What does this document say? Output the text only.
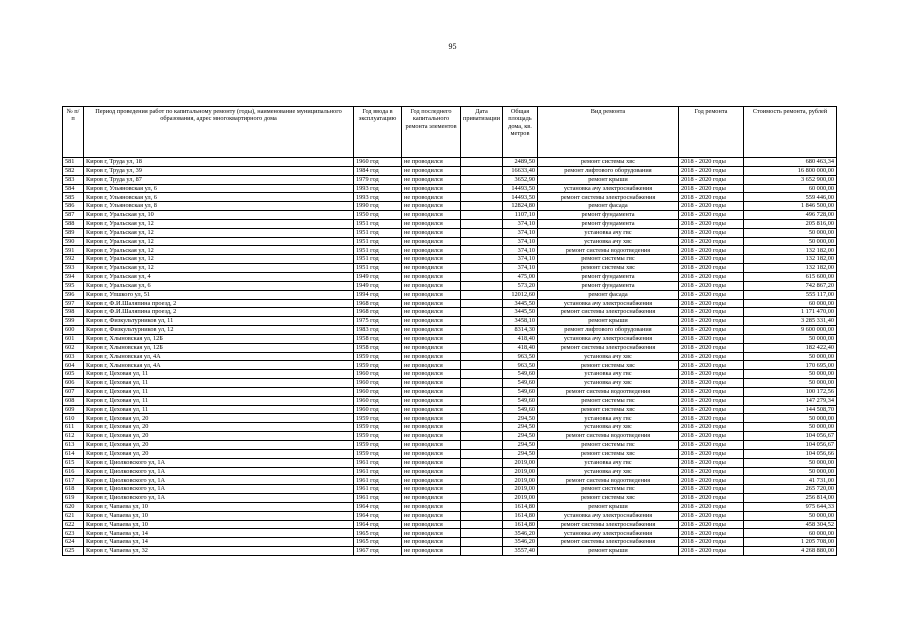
95
№ п/п	Период проведения работ по капитальному ремонту (годы), наименование муниципального образования, адрес многоквартирного дома	Год ввода в эксплуатацию	Год последнего капитального ремонта элементов	Дата приватизации	Общая площадь дома, кв. метров	Вид ремонта	Год ремонта	Стоимость ремонта, рублей
581	Киров г, Труда ул, 18	1960 год	не проводился		2489,50	ремонт системы хвс	2018 - 2020 годы	680 463,34
582	Киров г, Труда ул, 39	1984 год	не проводился		16633,40	ремонт лифтового оборудования	2018 - 2020 годы	16 800 000,00
583	Киров г, Труда ул, 87	1979 год	не проводился		3652,90	ремонт крыши	2018 - 2020 годы	3 652 900,00
584	Киров г, Ульяновская ул, 6	1993 год	не проводился		14493,50	установка ачу электроснабжения	2018 - 2020 годы	60 000,00
585	Киров г, Ульяновская ул, 6	1993 год	не проводился		14493,50	ремонт системы электроснабжения	2018 - 2020 годы	559 446,00
586	Киров г, Ульяновская ул, 8	1990 год	не проводился		12824,80	ремонт фасада	2018 - 2020 годы	1 846 500,00
587	Киров г, Уральская ул, 10	1950 год	не проводился		1107,10	ремонт фундамента	2018 - 2020 годы	496 728,00
588	Киров г, Уральская ул, 12	1951 год	не проводился		374,10	ремонт фундамента	2018 - 2020 годы	205 816,00
589	Киров г, Уральская ул, 12	1951 год	не проводился		374,10	установка ачу гвс	2018 - 2020 годы	50 000,00
590	Киров г, Уральская ул, 12	1951 год	не проводился		374,10	установка ачу хвс	2018 - 2020 годы	50 000,00
591	Киров г, Уральская ул, 12	1951 год	не проводился		374,10	ремонт системы водоотведения	2018 - 2020 годы	132 182,00
592	Киров г, Уральская ул, 12	1951 год	не проводился		374,10	ремонт системы гвс	2018 - 2020 годы	132 182,00
593	Киров г, Уральская ул, 12	1951 год	не проводился		374,10	ремонт системы хвс	2018 - 2020 годы	132 182,00
594	Киров г, Уральская ул, 4	1949 год	не проводился		475,00	ремонт фундамента	2018 - 2020 годы	615 600,00
595	Киров г, Уральская ул, 6	1949 год	не проводился		573,20	ремонт фундамента	2018 - 2020 годы	742 867,20
596	Киров г, Упшкого ул, 51	1994 год	не проводился		12012,60	ремонт фасада	2018 - 2020 годы	555 117,00
597	Киров г, Ф.И.Шаляпина проезд, 2	1968 год	не проводился		3445,50	установка ачу электроснабжения	2018 - 2020 годы	60 000,00
598	Киров г, Ф.И.Шаляпина проезд, 2	1968 год	не проводился		3445,50	ремонт системы электроснабжения	2018 - 2020 годы	1 171 470,00
599	Киров г, Физкультурников ул, 11	1975 год	не проводился		3458,10	ремонт крыши	2018 - 2020 годы	3 285 331,40
600	Киров г, Физкультурников ул, 12	1983 год	не проводился		8314,30	ремонт лифтового оборудования	2018 - 2020 годы	9 600 000,00
601	Киров г, Хлыновская ул, 12Б	1958 год	не проводился		418,40	установка ачу электроснабжения	2018 - 2020 годы	50 000,00
602	Киров г, Хлыновская ул, 12Б	1958 год	не проводился		418,40	ремонт системы электроснабжения	2018 - 2020 годы	182 422,40
603	Киров г, Хлыновская ул, 4А	1959 год	не проводился		963,50	установка ачу хвс	2018 - 2020 годы	50 000,00
604	Киров г, Хлыновская ул, 4А	1959 год	не проводился		963,50	ремонт системы хвс	2018 - 2020 годы	170 695,00
605	Киров г, Цеховая ул, 11	1960 год	не проводился		549,60	установка ачу гвс	2018 - 2020 годы	50 000,00
606	Киров г, Цеховая ул, 11	1960 год	не проводился		549,60	установка ачу хвс	2018 - 2020 годы	50 000,00
607	Киров г, Цеховая ул, 11	1960 год	не проводился		549,60	ремонт системы водоотведения	2018 - 2020 годы	100 172,56
608	Киров г, Цеховая ул, 11	1960 год	не проводился		549,60	ремонт системы гвс	2018 - 2020 годы	147 279,34
609	Киров г, Цеховая ул, 11	1960 год	не проводился		549,60	ремонт системы хвс	2018 - 2020 годы	144 508,70
610	Киров г, Цеховая ул, 20	1959 год	не проводился		294,50	установка ачу гвс	2018 - 2020 годы	50 000,00
611	Киров г, Цеховая ул, 20	1959 год	не проводился		294,50	установка ачу хвс	2018 - 2020 годы	50 000,00
612	Киров г, Цеховая ул, 20	1959 год	не проводился		294,50	ремонт системы водоотведения	2018 - 2020 годы	104 056,67
613	Киров г, Цеховая ул, 20	1959 год	не проводился		294,50	ремонт системы гвс	2018 - 2020 годы	104 056,67
614	Киров г, Цеховая ул, 20	1959 год	не проводился		294,50	ремонт системы хвс	2018 - 2020 годы	104 056,66
615	Киров г, Циолковского ул, 1А	1961 год	не проводился		2019,00	установка ачу гвс	2018 - 2020 годы	50 000,00
616	Киров г, Циолковского ул, 1А	1961 год	не проводился		2019,00	установка ачу хвс	2018 - 2020 годы	50 000,00
617	Киров г, Циолковского ул, 1А	1961 год	не проводился		2019,00	ремонт системы водоотведения	2018 - 2020 годы	41 731,00
618	Киров г, Циолковского ул, 1А	1961 год	не проводился		2019,00	ремонт системы гвс	2018 - 2020 годы	265 720,00
619	Киров г, Циолковского ул, 1А	1961 год	не проводился		2019,00	ремонт системы хвс	2018 - 2020 годы	256 814,00
620	Киров г, Чапаева ул, 10	1964 год	не проводился		1614,80	ремонт крыши	2018 - 2020 годы	975 644,33
621	Киров г, Чапаева ул, 10	1964 год	не проводился		1614,80	установка ачу электроснабжения	2018 - 2020 годы	50 000,00
622	Киров г, Чапаева ул, 10	1964 год	не проводился		1614,80	ремонт системы электроснабжения	2018 - 2020 годы	458 304,52
623	Киров г, Чапаева ул, 14	1965 год	не проводился		3546,20	установка ачу электроснабжения	2018 - 2020 годы	60 000,00
624	Киров г, Чапаева ул, 14	1965 год	не проводился		3546,20	ремонт системы электроснабжения	2018 - 2020 годы	1 205 708,00
625	Киров г, Чапаева ул, 32	1967 год	не проводился		3557,40	ремонт крыши	2018 - 2020 годы	4 268 880,00
